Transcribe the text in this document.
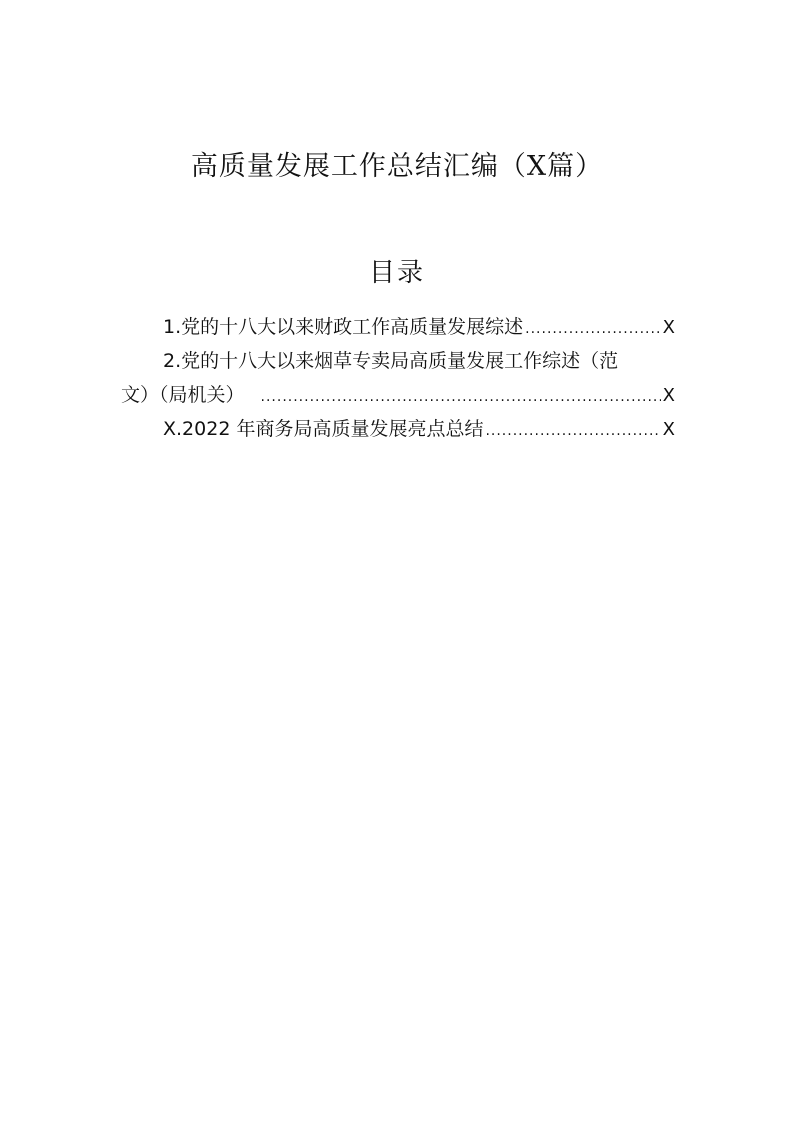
高质量发展工作总结汇编（X篇）
目录
1.党的十八大以来财政工作高质量发展综述 .....	X
2.党的十八大以来烟草专卖局高质量发展工作综述（范
文）（局机关） .....	X
X.2022 年商务局高质量发展亮点总结 .....	X
